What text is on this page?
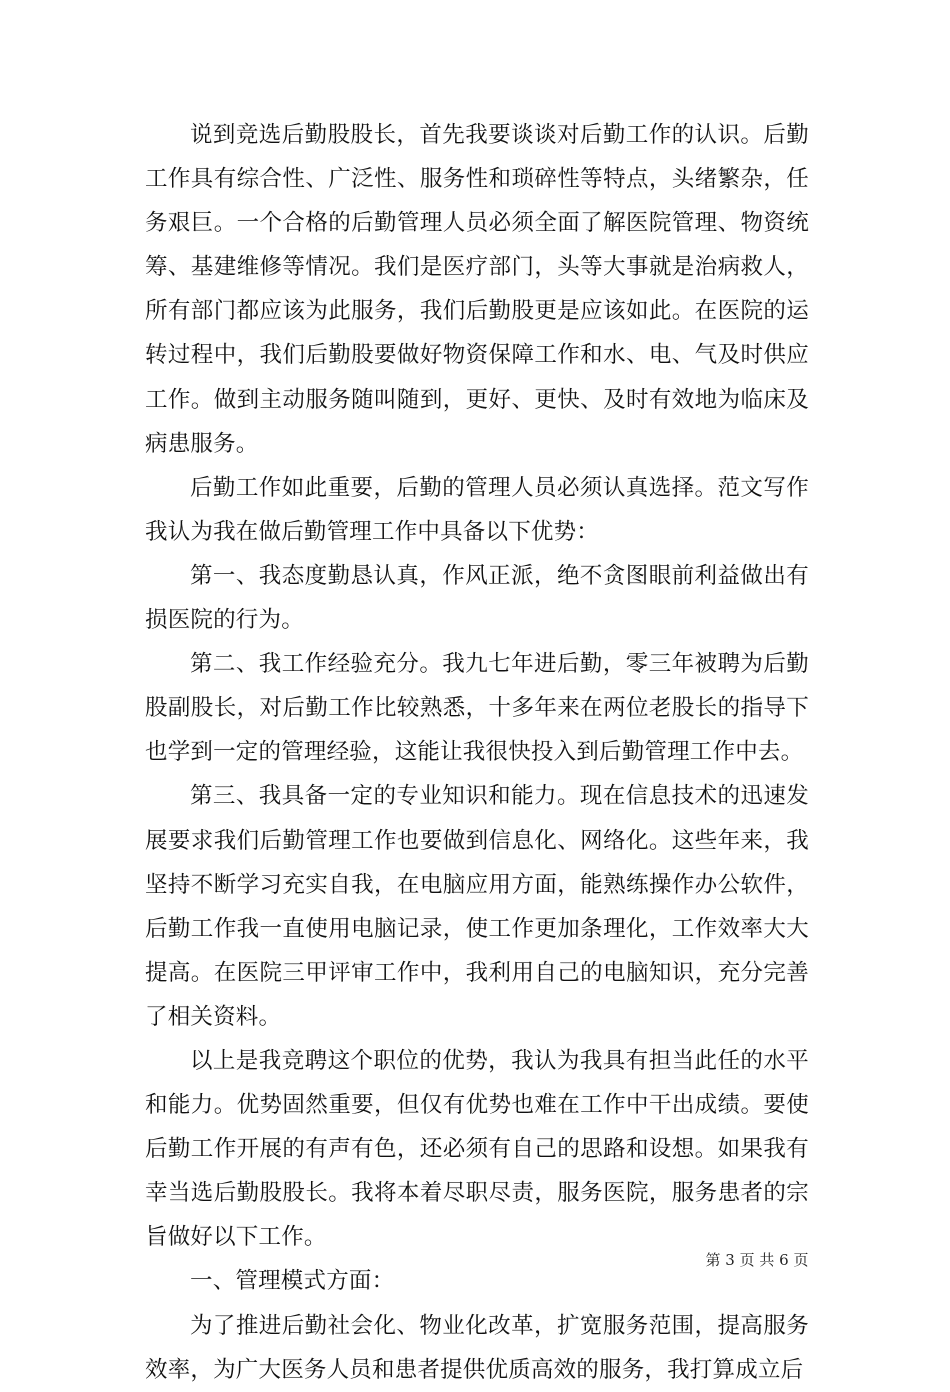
说到竞选后勤股股长，首先我要谈谈对后勤工作的认识。后勤工作具有综合性、广泛性、服务性和琐碎性等特点，头绪繁杂，任务艰巨。一个合格的后勤管理人员必须全面了解医院管理、物资统筹、基建维修等情况。我们是医疗部门，头等大事就是治病救人，所有部门都应该为此服务，我们后勤股更是应该如此。在医院的运转过程中，我们后勤股要做好物资保障工作和水、电、气及时供应工作。做到主动服务随叫随到，更好、更快、及时有效地为临床及病患服务。

后勤工作如此重要，后勤的管理人员必须认真选择。范文写作我认为我在做后勤管理工作中具备以下优势：

第一、我态度勤恳认真，作风正派，绝不贪图眼前利益做出有损医院的行为。

第二、我工作经验充分。我九七年进后勤，零三年被聘为后勤股副股长，对后勤工作比较熟悉，十多年来在两位老股长的指导下也学到一定的管理经验，这能让我很快投入到后勤管理工作中去。

第三、我具备一定的专业知识和能力。现在信息技术的迅速发展要求我们后勤管理工作也要做到信息化、网络化。这些年来，我坚持不断学习充实自我，在电脑应用方面，能熟练操作办公软件，后勤工作我一直使用电脑记录，使工作更加条理化，工作效率大大提高。在医院三甲评审工作中，我利用自己的电脑知识，充分完善了相关资料。

以上是我竞聘这个职位的优势，我认为我具有担当此任的水平和能力。优势固然重要，但仅有优势也难在工作中干出成绩。要使后勤工作开展的有声有色，还必须有自己的思路和设想。如果我有幸当选后勤股股长。我将本着尽职尽责，服务医院，服务患者的宗旨做好以下工作。

一、管理模式方面：

为了推进后勤社会化、物业化改革，扩宽服务范围，提高服务效率，为广大医务人员和患者提供优质高效的服务，我打算成立后

第 3 页 共 6 页
